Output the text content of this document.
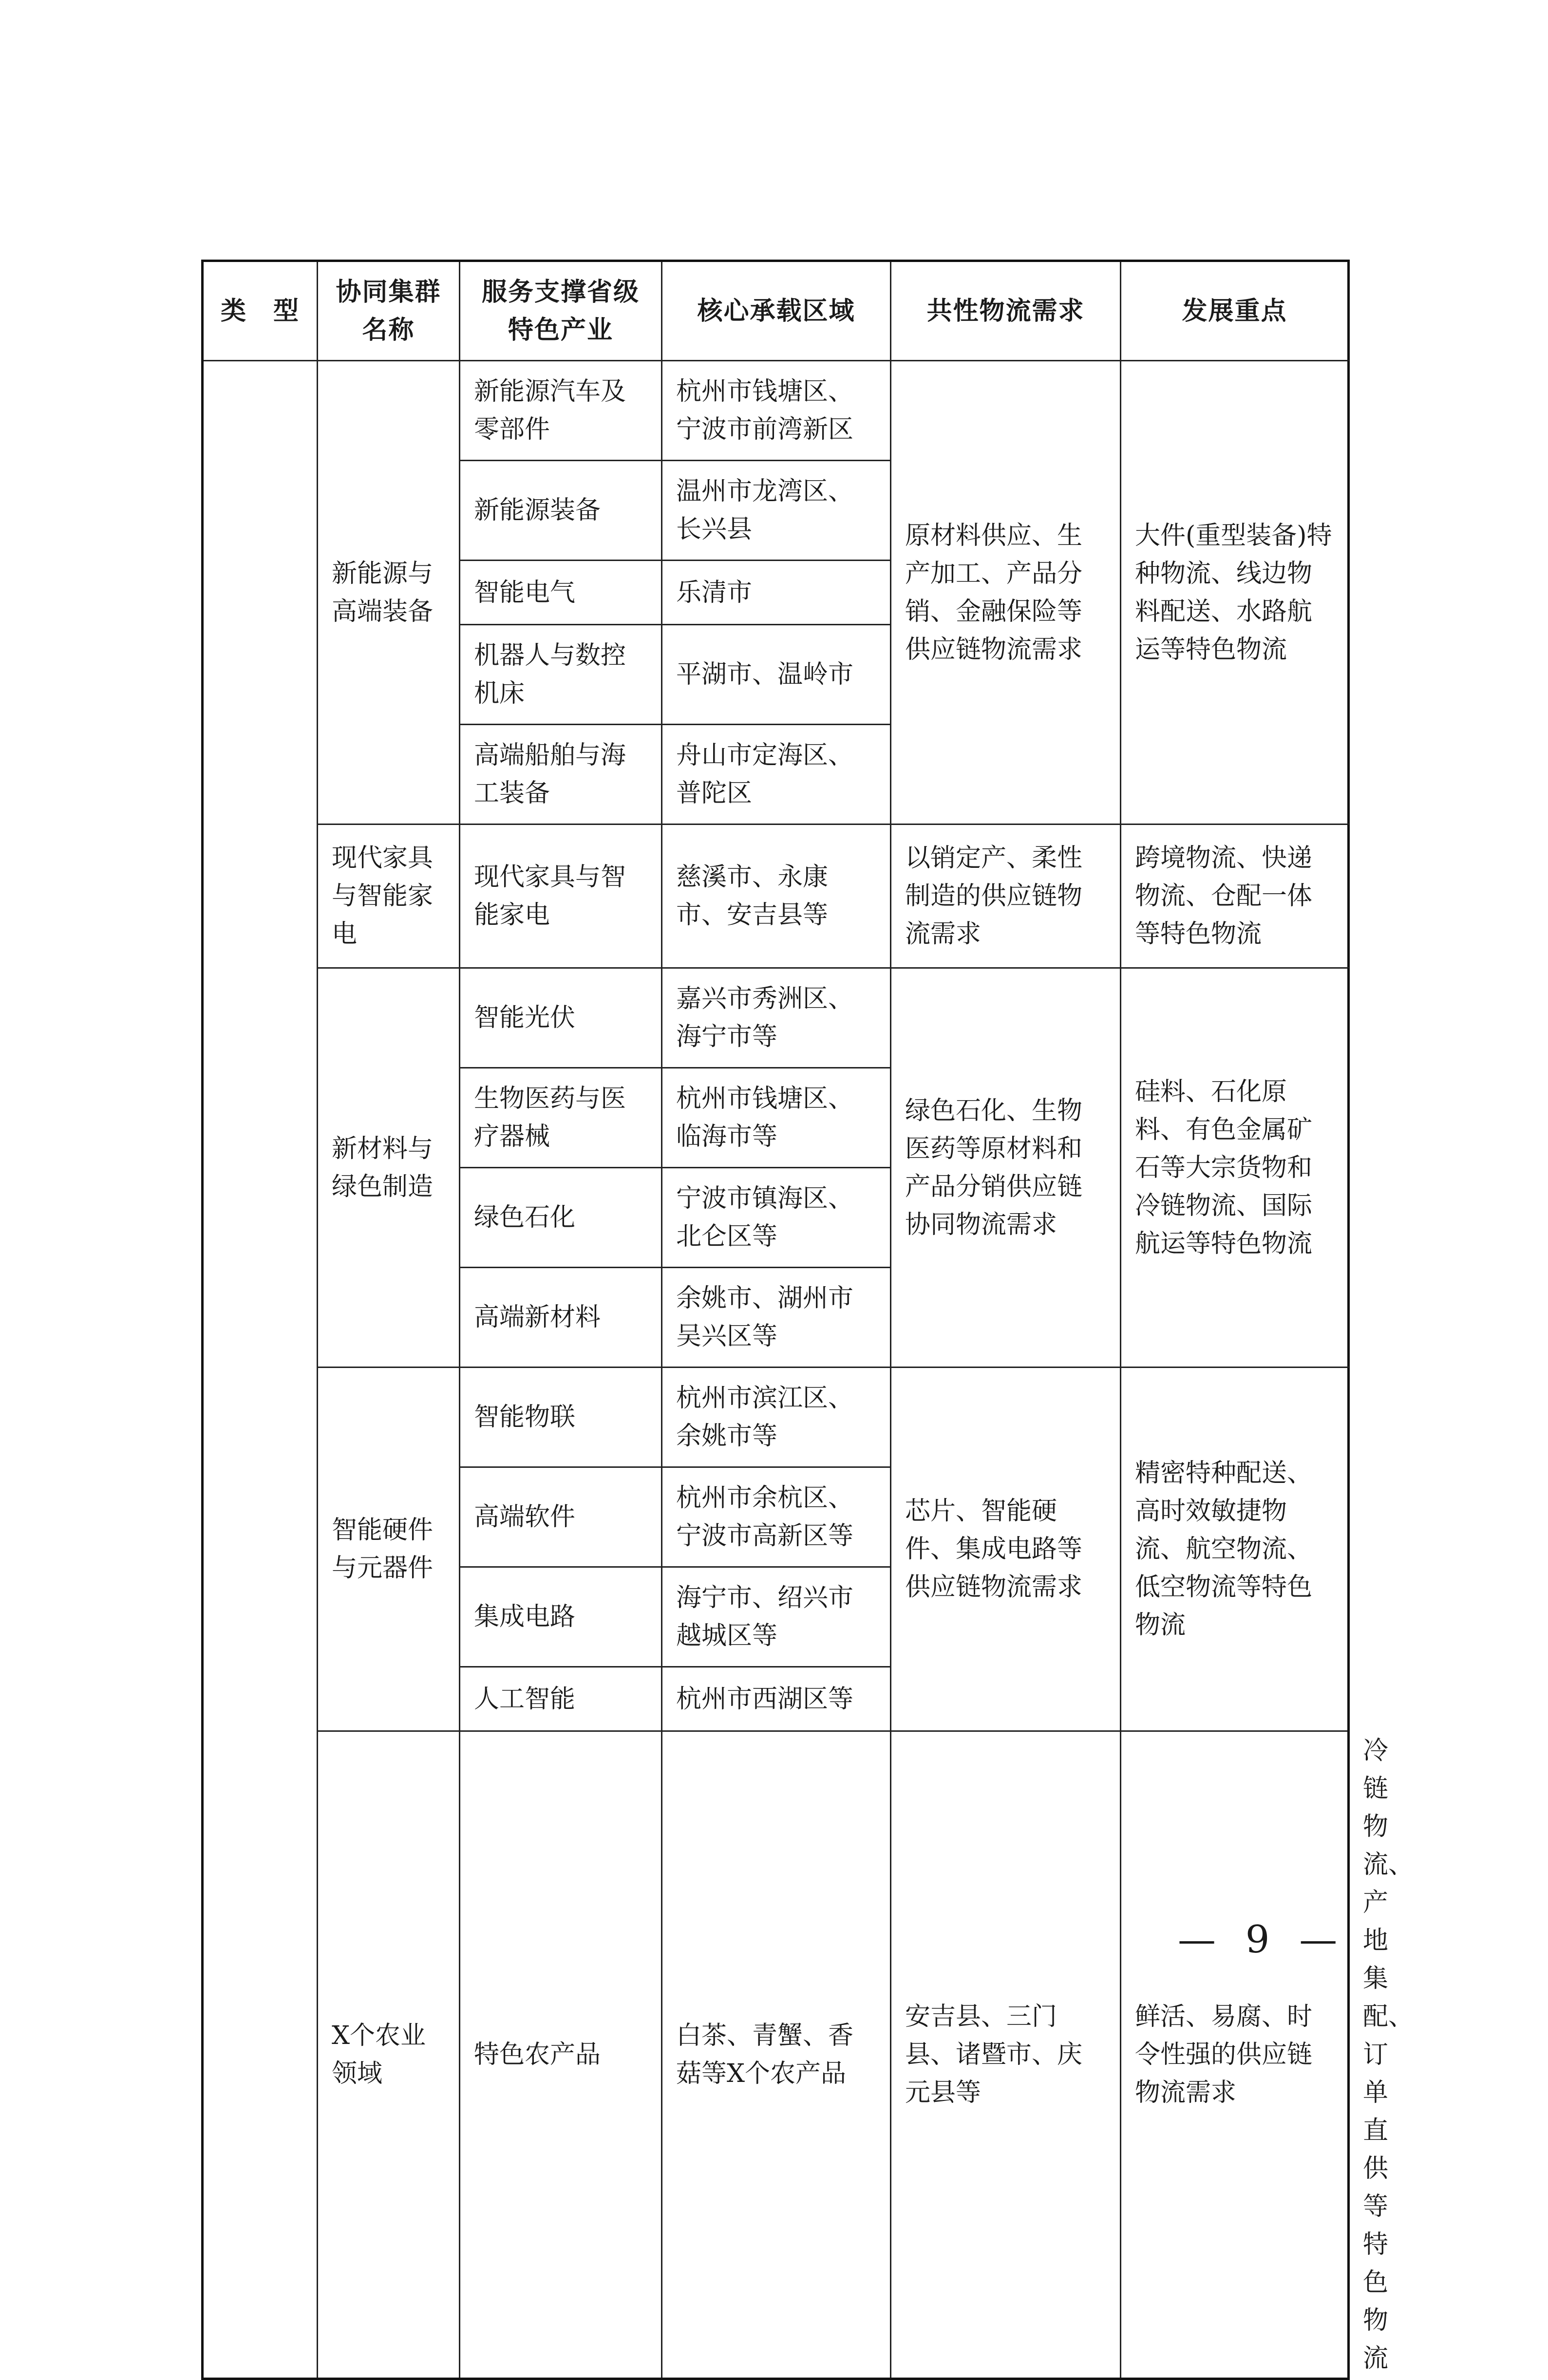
类　型	协同集群名称	服务支撑省级特色产业	核心承载区域	共性物流需求	发展重点	
	新能源与高端装备	新能源汽车及零部件	杭州市钱塘区、宁波市前湾新区	原材料供应、生产加工、产品分销、金融保险等供应链物流需求	大件(重型装备)特种物流、线边物料配送、水路航运等特色物流	
		新能源装备	温州市龙湾区、长兴县			
		智能电气	乐清市			
		机器人与数控机床	平湖市、温岭市			
		高端船舶与海工装备	舟山市定海区、普陀区			
	现代家具与智能家电	现代家具与智能家电	慈溪市、永康市、安吉县等	以销定产、柔性制造的供应链物流需求	跨境物流、快递物流、仓配一体等特色物流	
	新材料与绿色制造	智能光伏	嘉兴市秀洲区、海宁市等	绿色石化、生物医药等原材料和产品分销供应链协同物流需求	硅料、石化原料、有色金属矿石等大宗货物和冷链物流、国际航运等特色物流	
		生物医药与医疗器械	杭州市钱塘区、临海市等			
		绿色石化	宁波市镇海区、北仑区等			
		高端新材料	余姚市、湖州市吴兴区等			
	智能硬件与元器件	智能物联	杭州市滨江区、余姚市等	芯片、智能硬件、集成电路等供应链物流需求	精密特种配送、高时效敏捷物流、航空物流、低空物流等特色物流	
		高端软件	杭州市余杭区、宁波市高新区等			
		集成电路	海宁市、绍兴市越城区等			
		人工智能	杭州市西湖区等			
	X个农业领域	特色农产品	白茶、青蟹、香菇等X个农产品	安吉县、三门县、诸暨市、庆元县等	鲜活、易腐、时令性强的供应链物流需求	冷链物流、产地集配、订单直供等特色物流
— 9 —
